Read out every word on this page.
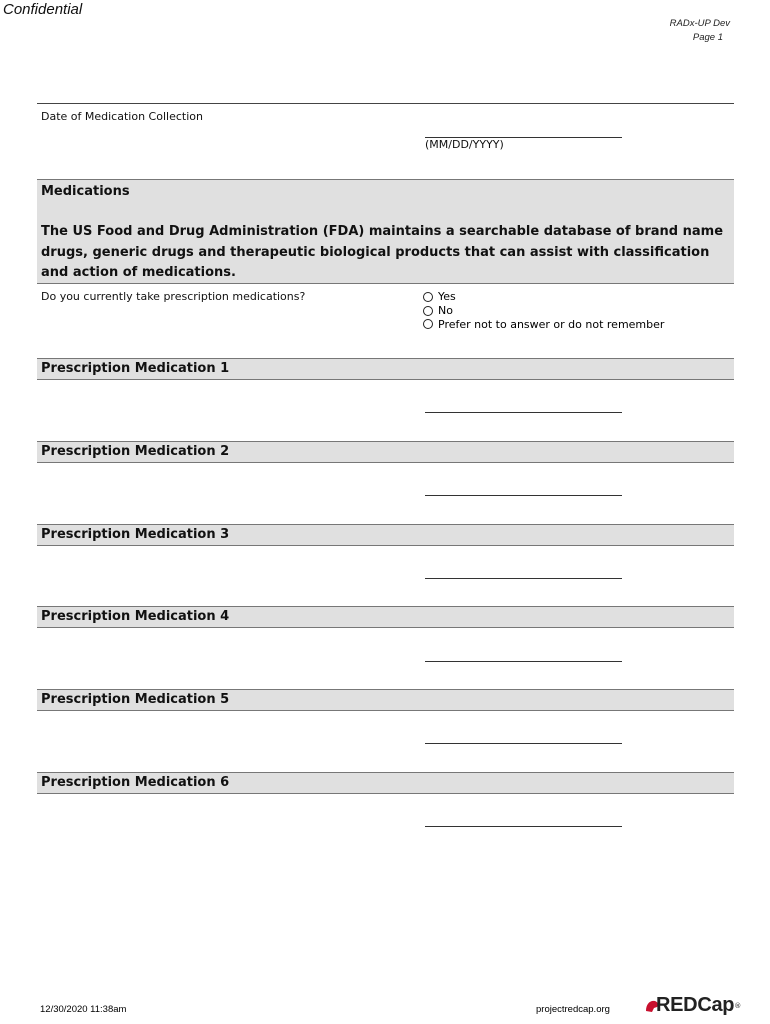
Confidential
RADx-UP Dev
Page 1
Date of Medication Collection
(MM/DD/YYYY)
Medications
The US Food and Drug Administration (FDA) maintains a searchable database of brand name drugs, generic drugs and therapeutic biological products that can assist with classification and action of medications.
Do you currently take prescription medications?	Yes
No
Prefer not to answer or do not remember
Prescription Medication 1
Prescription Medication 2
Prescription Medication 3
Prescription Medication 4
Prescription Medication 5
Prescription Medication 6
12/30/2020 11:38am	projectredcap.org REDCap ®
